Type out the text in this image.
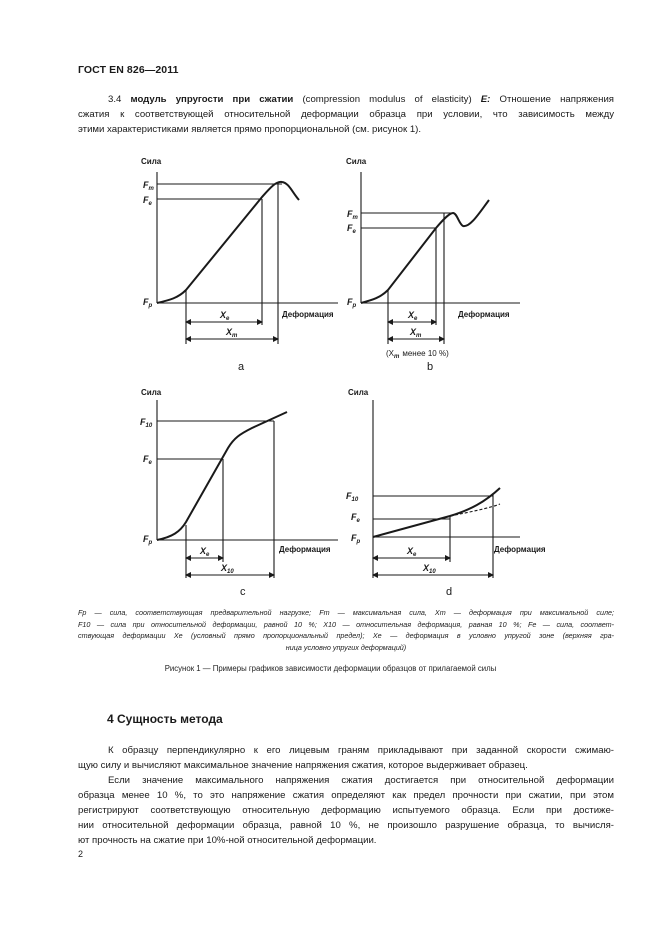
ГОСТ EN 826—2011
3.4 модуль упругости при сжатии (compression modulus of elasticity) E: Отношение напряжения
сжатия к соответствующей относительной деформации образца при условии, что зависимость между
этими характеристиками является прямо пропорциональной (см. рисунок 1).
Сила
$F_m$
$F_e$
$F_p$
Деформация
$X_e$
$X_m$
a
Сила
$F_m$
$F_e$
$F_p$
Деформация
$X_e$
$X_m$
($X_m$ менее 10 %)
b
Сила
$F_{10}$
$F_e$
$F_p$
Деформация
$X_e$
$X_{10}$
c
Сила
$F_{10}$
$F_e$
$F_p$
Деформация
$X_e$
$X_{10}$
d
Fp — сила, соответствующая предварительной нагрузке; Fm — максимальная сила, Xm — деформация при максимальной силе;
F10 — сила при относительной деформации, равной 10 %; X10 — относительная деформация, равная 10 %; Fe — сила, соответ-
ствующая деформации Xe (условный прямо пропорциональный предел); Xe — деформация в условно упругой зоне (верхняя гра-
ница условно упругих деформаций)
Рисунок 1 — Примеры графиков зависимости деформации образцов от прилагаемой силы
4 Сущность метода
К образцу перпендикулярно к его лицевым граням прикладывают при заданной скорости сжимаю-
щую силу и вычисляют максимальное значение напряжения сжатия, которое выдерживает образец.
Если значение максимального напряжения сжатия достигается при относительной деформации
образца менее 10 %, то это напряжение сжатия определяют как предел прочности при сжатии, при этом
регистрируют соответствующую относительную деформацию испытуемого образца. Если при достиже-
нии относительной деформации образца, равной 10 %, не произошло разрушение образца, то вычисля-
ют прочность на сжатие при 10%-ной относительной деформации.
2
